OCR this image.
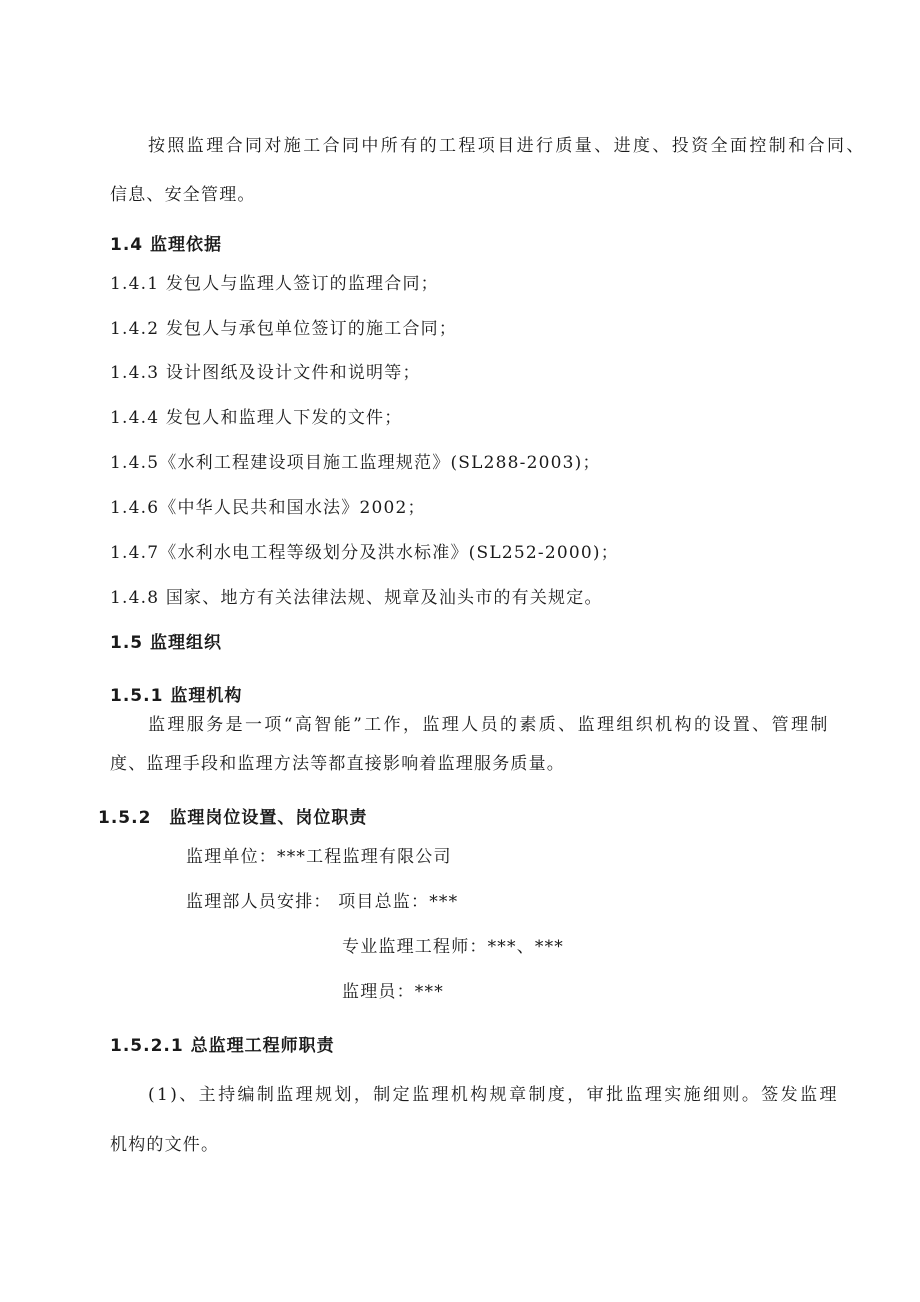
按照监理合同对施工合同中所有的工程项目进行质量、进度、投资全面控制和合同、
信息、安全管理。
1.4 监理依据
1.4.1 发包人与监理人签订的监理合同；
1.4.2 发包人与承包单位签订的施工合同；
1.4.3 设计图纸及设计文件和说明等；
1.4.4 发包人和监理人下发的文件；
1.4.5《水利工程建设项目施工监理规范》(SL288-2003)；
1.4.6《中华人民共和国水法》2002；
1.4.7《水利水电工程等级划分及洪水标准》(SL252-2000)；
1.4.8 国家、地方有关法律法规、规章及汕头市的有关规定。
1.5 监理组织
1.5.1 监理机构
监理服务是一项“高智能”工作，监理人员的素质、监理组织机构的设置、管理制
度、监理手段和监理方法等都直接影响着监理服务质量。
1.5.2　监理岗位设置、岗位职责
监理单位：***工程监理有限公司
监理部人员安排： 项目总监：***
专业监理工程师：***、***
监理员：***
1.5.2.1 总监理工程师职责
(1)、主持编制监理规划，制定监理机构规章制度，审批监理实施细则。签发监理
机构的文件。
